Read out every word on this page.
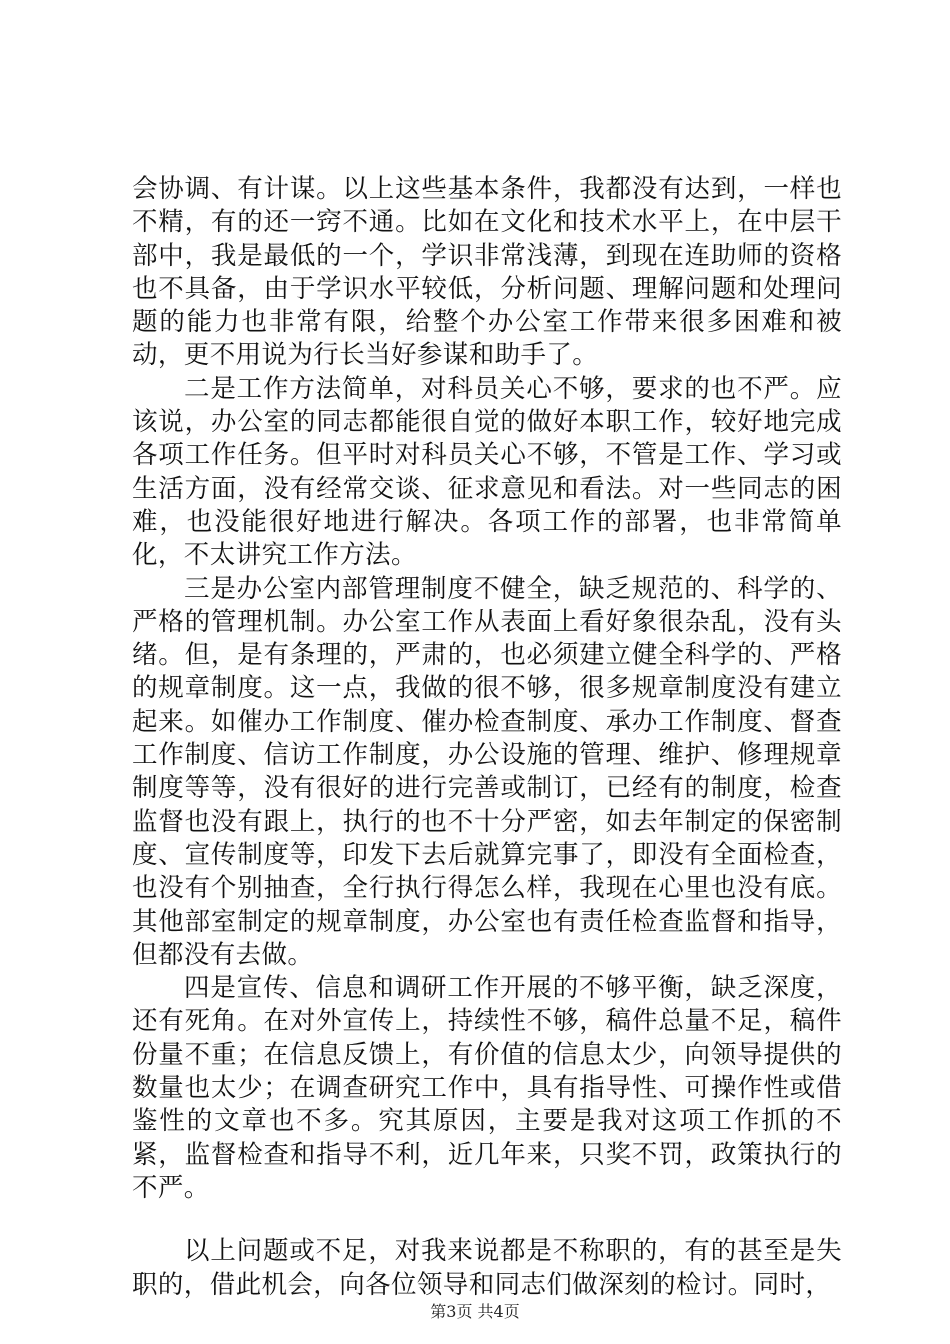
会协调、有计谋。以上这些基本条件，我都没有达到，一样也不精，有的还一窍不通。比如在文化和技术水平上，在中层干部中，我是最低的一个，学识非常浅薄，到现在连助师的资格也不具备，由于学识水平较低，分析问题、理解问题和处理问题的能力也非常有限，给整个办公室工作带来很多困难和被动，更不用说为行长当好参谋和助手了。

二是工作方法简单，对科员关心不够，要求的也不严。应该说，办公室的同志都能很自觉的做好本职工作，较好地完成各项工作任务。但平时对科员关心不够，不管是工作、学习或生活方面，没有经常交谈、征求意见和看法。对一些同志的困难，也没能很好地进行解决。各项工作的部署，也非常简单化，不太讲究工作方法。

三是办公室内部管理制度不健全，缺乏规范的、科学的、严格的管理机制。办公室工作从表面上看好象很杂乱，没有头绪。但，是有条理的，严肃的，也必须建立健全科学的、严格的规章制度。这一点，我做的很不够，很多规章制度没有建立起来。如催办工作制度、催办检查制度、承办工作制度、督查工作制度、信访工作制度，办公设施的管理、维护、修理规章制度等等，没有很好的进行完善或制订，已经有的制度，检查监督也没有跟上，执行的也不十分严密，如去年制定的保密制度、宣传制度等，印发下去后就算完事了，即没有全面检查，也没有个别抽查，全行执行得怎么样，我现在心里也没有底。其他部室制定的规章制度，办公室也有责任检查监督和指导，但都没有去做。

四是宣传、信息和调研工作开展的不够平衡，缺乏深度，还有死角。在对外宣传上，持续性不够，稿件总量不足，稿件份量不重；在信息反馈上，有价值的信息太少，向领导提供的数量也太少；在调查研究工作中，具有指导性、可操作性或借鉴性的文章也不多。究其原因，主要是我对这项工作抓的不紧，监督检查和指导不利，近几年来，只奖不罚，政策执行的不严。

以上问题或不足，对我来说都是不称职的，有的甚至是失职的，借此机会，向各位领导和同志们做深刻的检讨。同时，

第3页 共4页
